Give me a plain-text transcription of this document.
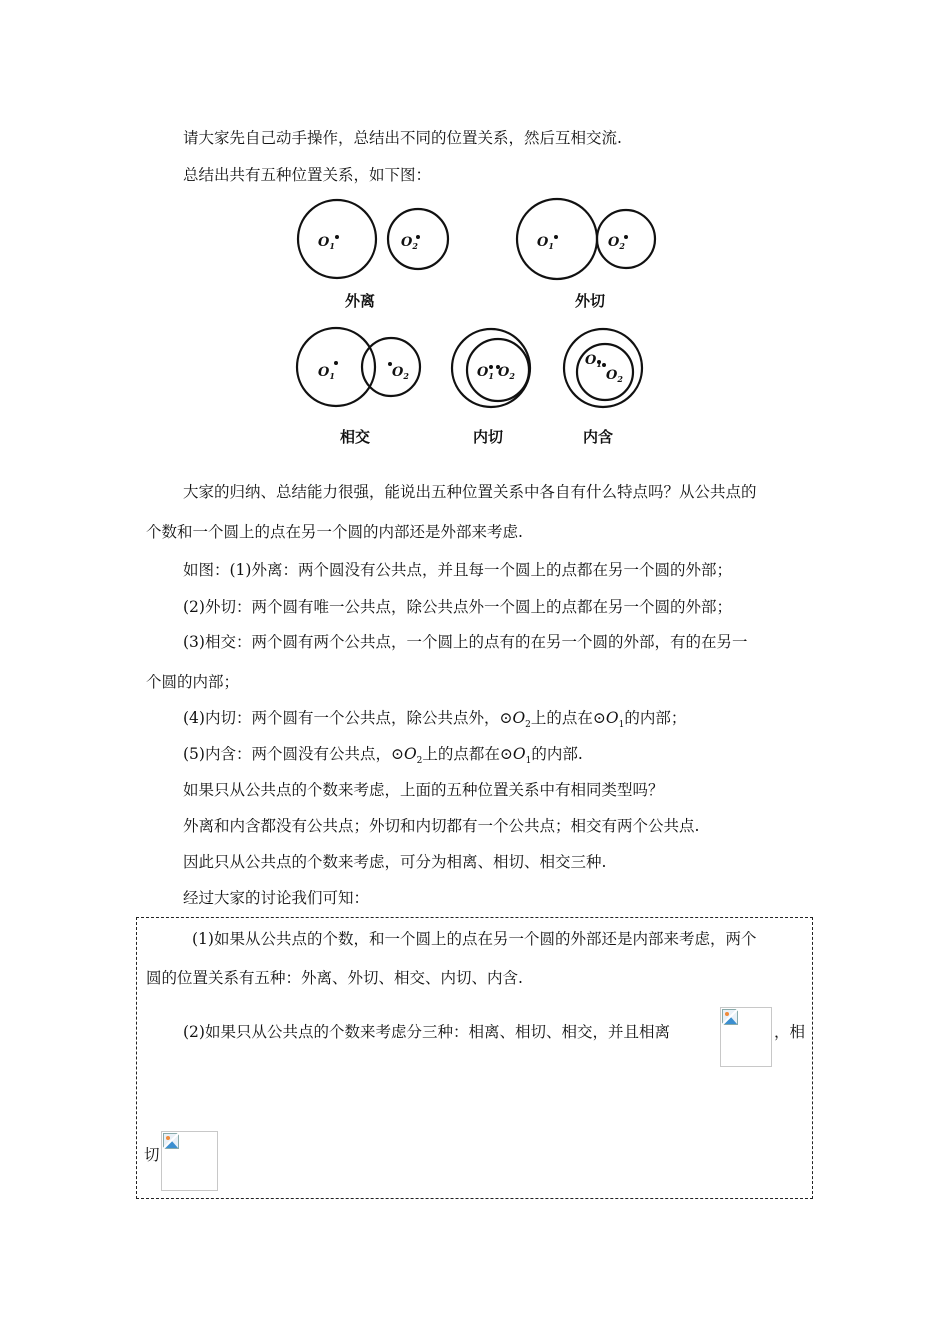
请大家先自己动手操作，总结出不同的位置关系，然后互相交流.
总结出共有五种位置关系，如下图：
$O_1$	$O_2$	$O_1$	$O_2$
$O_1$	$O_2$	$O_1$ $O_2$
$O_1$
$O_2$
外离	外切
相交	内切	内含
大家的归纳、总结能力很强，能说出五种位置关系中各自有什么特点吗？从公共点的
个数和一个圆上的点在另一个圆的内部还是外部来考虑.
如图：(1)外离：两个圆没有公共点，并且每一个圆上的点都在另一个圆的外部；
(2)外切：两个圆有唯一公共点，除公共点外一个圆上的点都在另一个圆的外部；
(3)相交：两个圆有两个公共点，一个圆上的点有的在另一个圆的外部，有的在另一
个圆的内部；
(4)内切：两个圆有一个公共点，除公共点外，$⊙O_2$上的点在$⊙O_1$的内部；
(5)内含：两个圆没有公共点，$⊙O_2$上的点都在$⊙O_1$的内部.
如果只从公共点的个数来考虑，上面的五种位置关系中有相同类型吗？
外离和内含都没有公共点；外切和内切都有一个公共点；相交有两个公共点.
因此只从公共点的个数来考虑，可分为相离、相切、相交三种.
经过大家的讨论我们可知：
(1)如果从公共点的个数，和一个圆上的点在另一个圆的外部还是内部来考虑，两个
圆的位置关系有五种：外离、外切、相交、内切、内含.
(2)如果只从公共点的个数来考虑分三种：相离、相切、相交，并且相离	，相
切
